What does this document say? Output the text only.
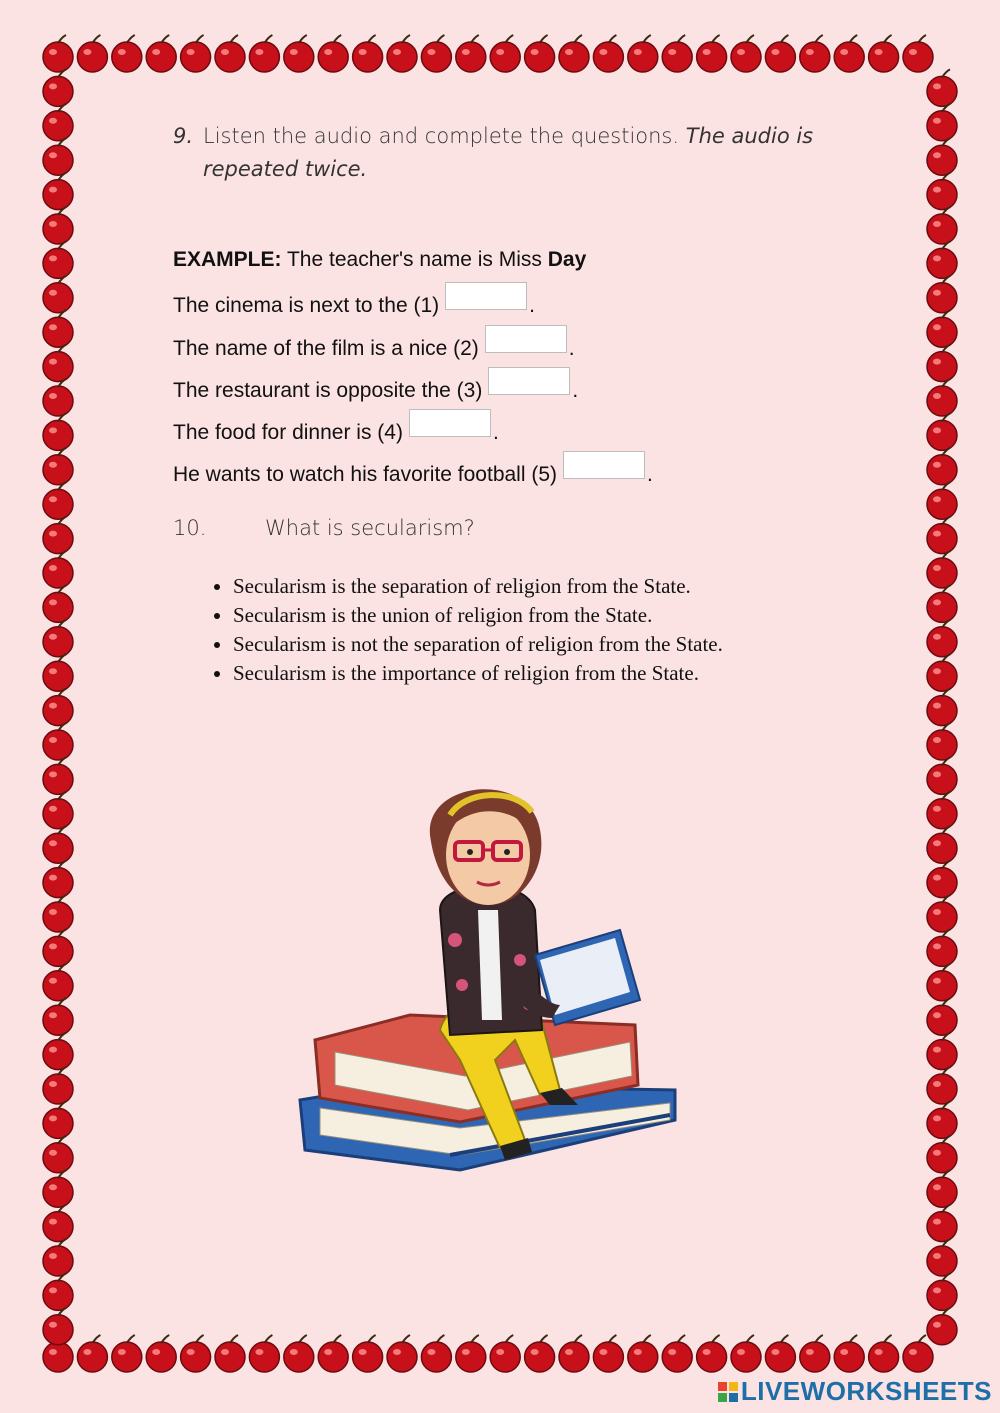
9. Listen the audio and complete the questions. The audio is
repeated twice.
EXAMPLE: The teacher's name is Miss Day
The cinema is next to the (1)	.
The name of the film is a nice (2)	.
The restaurant is opposite the (3)	.
The food for dinner is (4)	.
He wants to watch his favorite football (5)	.
10.	What is secularism?
• Secularism is the separation of religion from the State.
• Secularism is the union of religion from the State.
• Secularism is not the separation of religion from the State.
• Secularism is the importance of religion from the State.
LIVEWORKSHEETS
